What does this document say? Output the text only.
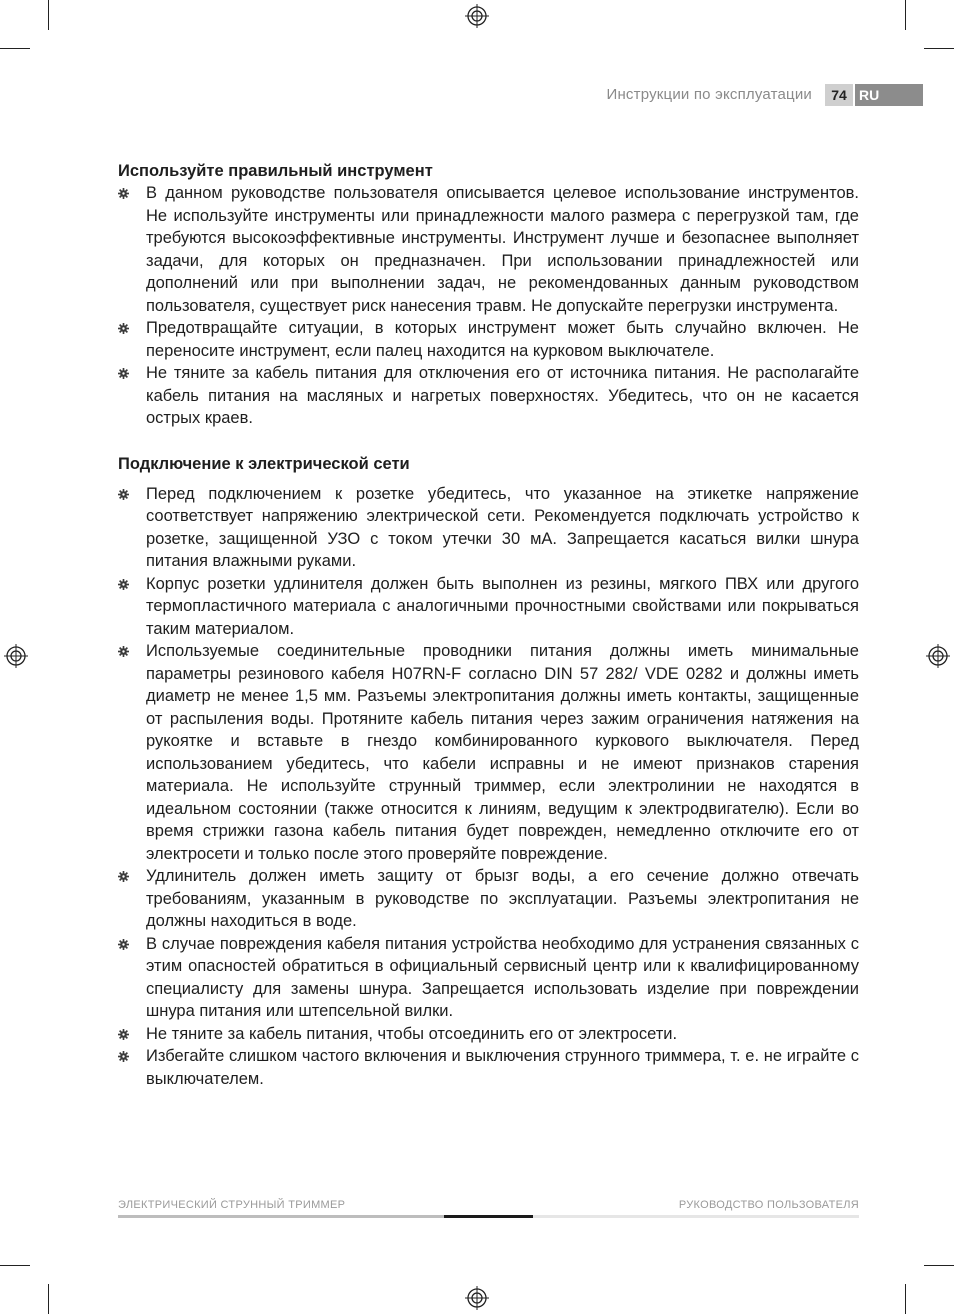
Инструкции по эксплуатации	74 RU
Используйте правильный инструмент
В данном руководстве пользователя описывается целевое использование инструментов. Не используйте инструменты или принадлежности малого размера с перегрузкой там, где требуются высокоэффективные инструменты. Инструмент лучше и безопаснее выполняет задачи, для которых он предназначен. При использовании принадлежностей или дополнений или при выполнении задач, не рекомендованных данным руководством пользователя, существует риск нанесения травм. Не допускайте перегрузки инструмента.
Предотвращайте ситуации, в которых инструмент может быть случайно включен. Не переносите инструмент, если палец находится на курковом выключателе.
Не тяните за кабель питания для отключения его от источника питания. Не располагайте кабель питания на масляных и нагретых поверхностях. Убедитесь, что он не касается острых краев.
Подключение к электрической сети
Перед подключением к розетке убедитесь, что указанное на этикетке напряжение соответствует напряжению электрической сети. Рекомендуется подключать устройство к розетке, защищенной УЗО с током утечки 30 мА. Запрещается касаться вилки шнура питания влажными руками.
Корпус розетки удлинителя должен быть выполнен из резины, мягкого ПВХ или другого термопластичного материала с аналогичными прочностными свойствами или покрываться таким материалом.
Используемые соединительные проводники питания должны иметь минимальные параметры резинового кабеля H07RN-F согласно DIN 57 282/ VDE 0282 и должны иметь диаметр не менее 1,5 мм. Разъемы электропитания должны иметь контакты, защищенные от распыления воды. Протяните кабель питания через зажим ограничения натяжения на рукоятке и вставьте в гнездо комбинированного куркового выключателя. Перед использованием убедитесь, что кабели исправны и не имеют признаков старения материала. Не используйте струнный триммер, если электролинии не находятся в идеальном состоянии (также относится к линиям, ведущим к электродвигателю). Если во время стрижки газона кабель питания будет поврежден, немедленно отключите его от электросети и только после этого проверяйте повреждение.
Удлинитель должен иметь защиту от брызг воды, а его сечение должно отвечать требованиям, указанным в руководстве по эксплуатации. Разъемы электропитания не должны находиться в воде.
В случае повреждения кабеля питания устройства необходимо для устранения связанных с этим опасностей обратиться в официальный сервисный центр или к квалифицированному специалисту для замены шнура. Запрещается использовать изделие при повреждении шнура питания или штепсельной вилки.
Не тяните за кабель питания, чтобы отсоединить его от электросети.
Избегайте слишком частого включения и выключения струнного триммера, т. е. не играйте с выключателем.
ЭЛЕКТРИЧЕСКИЙ СТРУННЫЙ ТРИММЕР	РУКОВОДСТВО ПОЛЬЗОВАТЕЛЯ
